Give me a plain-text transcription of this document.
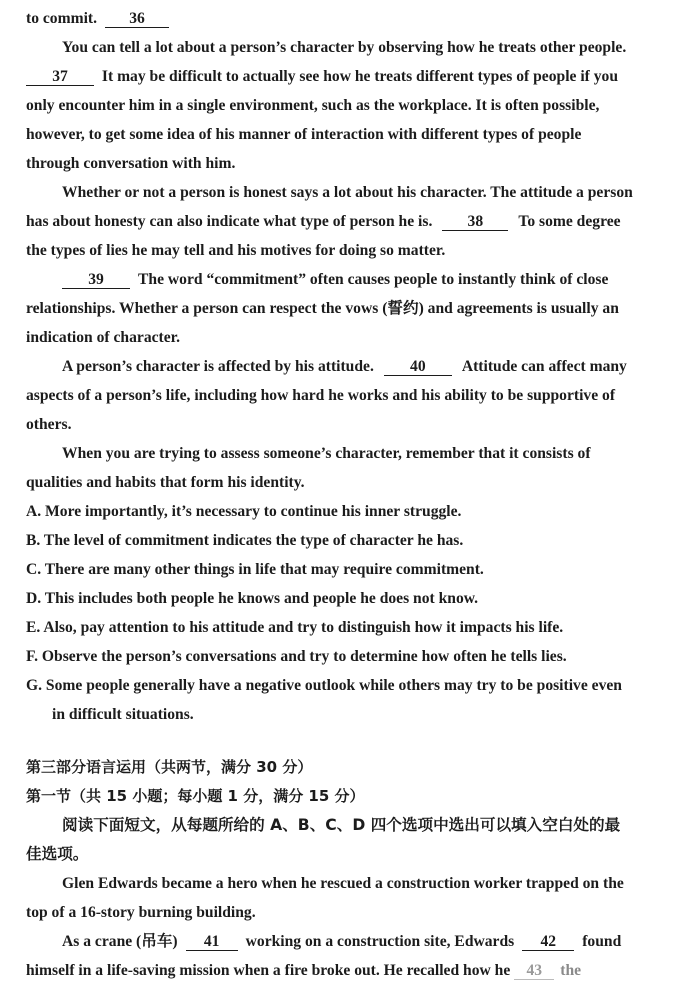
to commit. 36
You can tell a lot about a person’s character by observing how he treats other people.
37 It may be difficult to actually see how he treats different types of people if you
only encounter him in a single environment, such as the workplace. It is often possible,
however, to get some idea of his manner of interaction with different types of people
through conversation with him.
Whether or not a person is honest says a lot about his character. The attitude a person
has about honesty can also indicate what type of person he is. 38 To some degree
the types of lies he may tell and his motives for doing so matter.
39 The word “commitment” often causes people to instantly think of close
relationships. Whether a person can respect the vows (誓约) and agreements is usually an
indication of character.
A person’s character is affected by his attitude. 40 Attitude can affect many
aspects of a person’s life, including how hard he works and his ability to be supportive of
others.
When you are trying to assess someone’s character, remember that it consists of
qualities and habits that form his identity.
A. More importantly, it’s necessary to continue his inner struggle.
B. The level of commitment indicates the type of character he has.
C. There are many other things in life that may require commitment.
D. This includes both people he knows and people he does not know.
E. Also, pay attention to his attitude and try to distinguish how it impacts his life.
F. Observe the person’s conversations and try to determine how often he tells lies.
G. Some people generally have a negative outlook while others may try to be positive even
in difficult situations.
第三部分语言运用（共两节，满分 30 分）
第一节（共 15 小题；每小题 1 分，满分 15 分）
阅读下面短文，从每题所给的 A、B、C、D 四个选项中选出可以填入空白处的最
佳选项。
Glen Edwards became a hero when he rescued a construction worker trapped on the
top of a 16-story burning building.
As a crane (吊车) 41 working on a construction site, Edwards 42 found
himself in a life-saving mission when a fire broke out. He recalled how he 43 the
